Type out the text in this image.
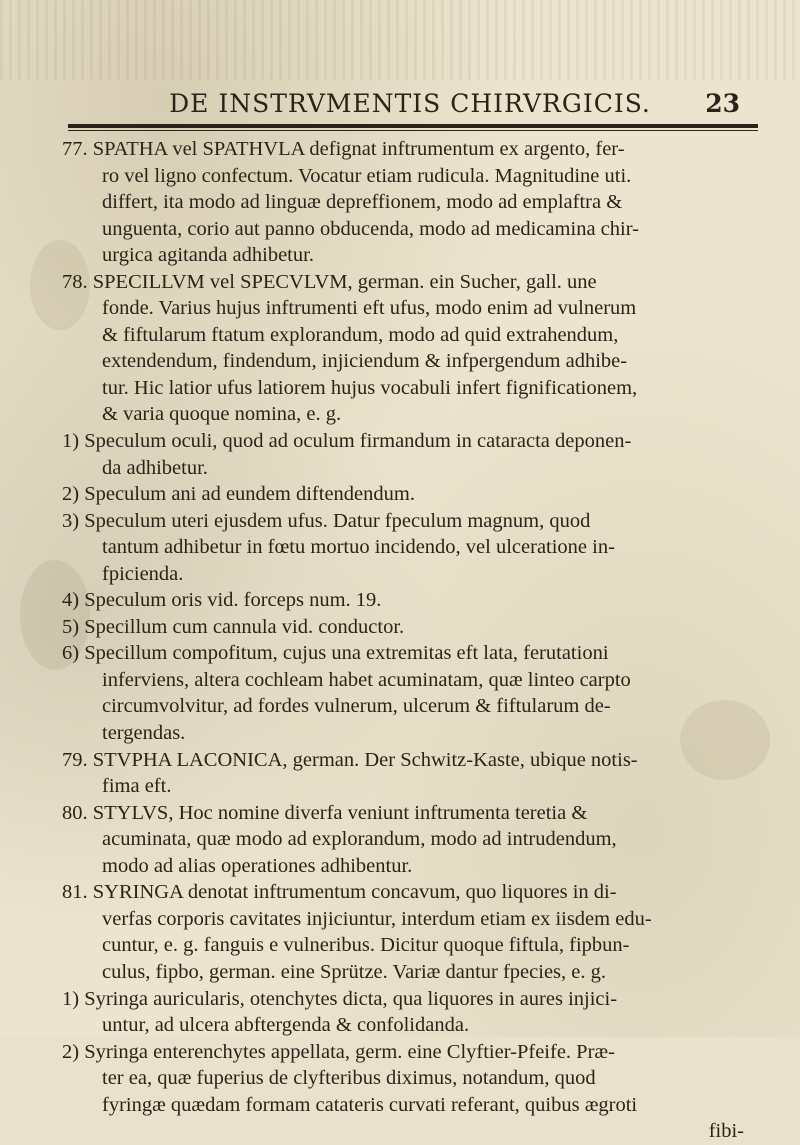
DE INSTRVMENTIS CHIRVRGICIS.	23
77. SPATHA vel SPATHVLA defignat inftrumentum ex argento, fer-
ro vel ligno confectum. Vocatur etiam rudicula. Magnitudine uti.
differt, ita modo ad linguæ depreffionem, modo ad emplaftra &
unguenta, corio aut panno obducenda, modo ad medicamina chir-
urgica agitanda adhibetur.
78. SPECILLVM vel SPECVLVM, german. ein Sucher, gall. une
fonde. Varius hujus inftrumenti eft ufus, modo enim ad vulnerum
& fiftularum ftatum explorandum, modo ad quid extrahendum,
extendendum, findendum, injiciendum & infpergendum adhibe-
tur. Hic latior ufus latiorem hujus vocabuli infert fignificationem,
& varia quoque nomina, e. g.
1) Speculum oculi, quod ad oculum firmandum in cataracta deponen-
da adhibetur.
2) Speculum ani ad eundem diftendendum.
3) Speculum uteri ejusdem ufus. Datur fpeculum magnum, quod
tantum adhibetur in fœtu mortuo incidendo, vel ulceratione in-
fpicienda.
4) Speculum oris vid. forceps num. 19.
5) Specillum cum cannula vid. conductor.
6) Specillum compofitum, cujus una extremitas eft lata, ferutationi
inferviens, altera cochleam habet acuminatam, quæ linteo carpto
circumvolvitur, ad fordes vulnerum, ulcerum & fiftularum de-
tergendas.
79. STVPHA LACONICA, german. Der Schwitz-Kaste, ubique notis-
fima eft.
80. STYLVS, Hoc nomine diverfa veniunt inftrumenta teretia &
acuminata, quæ modo ad explorandum, modo ad intrudendum,
modo ad alias operationes adhibentur.
81. SYRINGA denotat inftrumentum concavum, quo liquores in di-
verfas corporis cavitates injiciuntur, interdum etiam ex iisdem edu-
cuntur, e. g. fanguis e vulneribus. Dicitur quoque fiftula, fipbun-
culus, fipbo, german. eine Sprütze. Variæ dantur fpecies, e. g.
1) Syringa auricularis, otenchytes dicta, qua liquores in aures injici-
untur, ad ulcera abftergenda & confolidanda.
2) Syringa enterenchytes appellata, germ. eine Clyftier-Pfeife. Præ-
ter ea, quæ fuperius de clyfteribus diximus, notandum, quod
fyringæ quædam formam catateris curvati referant, quibus ægroti
fibi-
